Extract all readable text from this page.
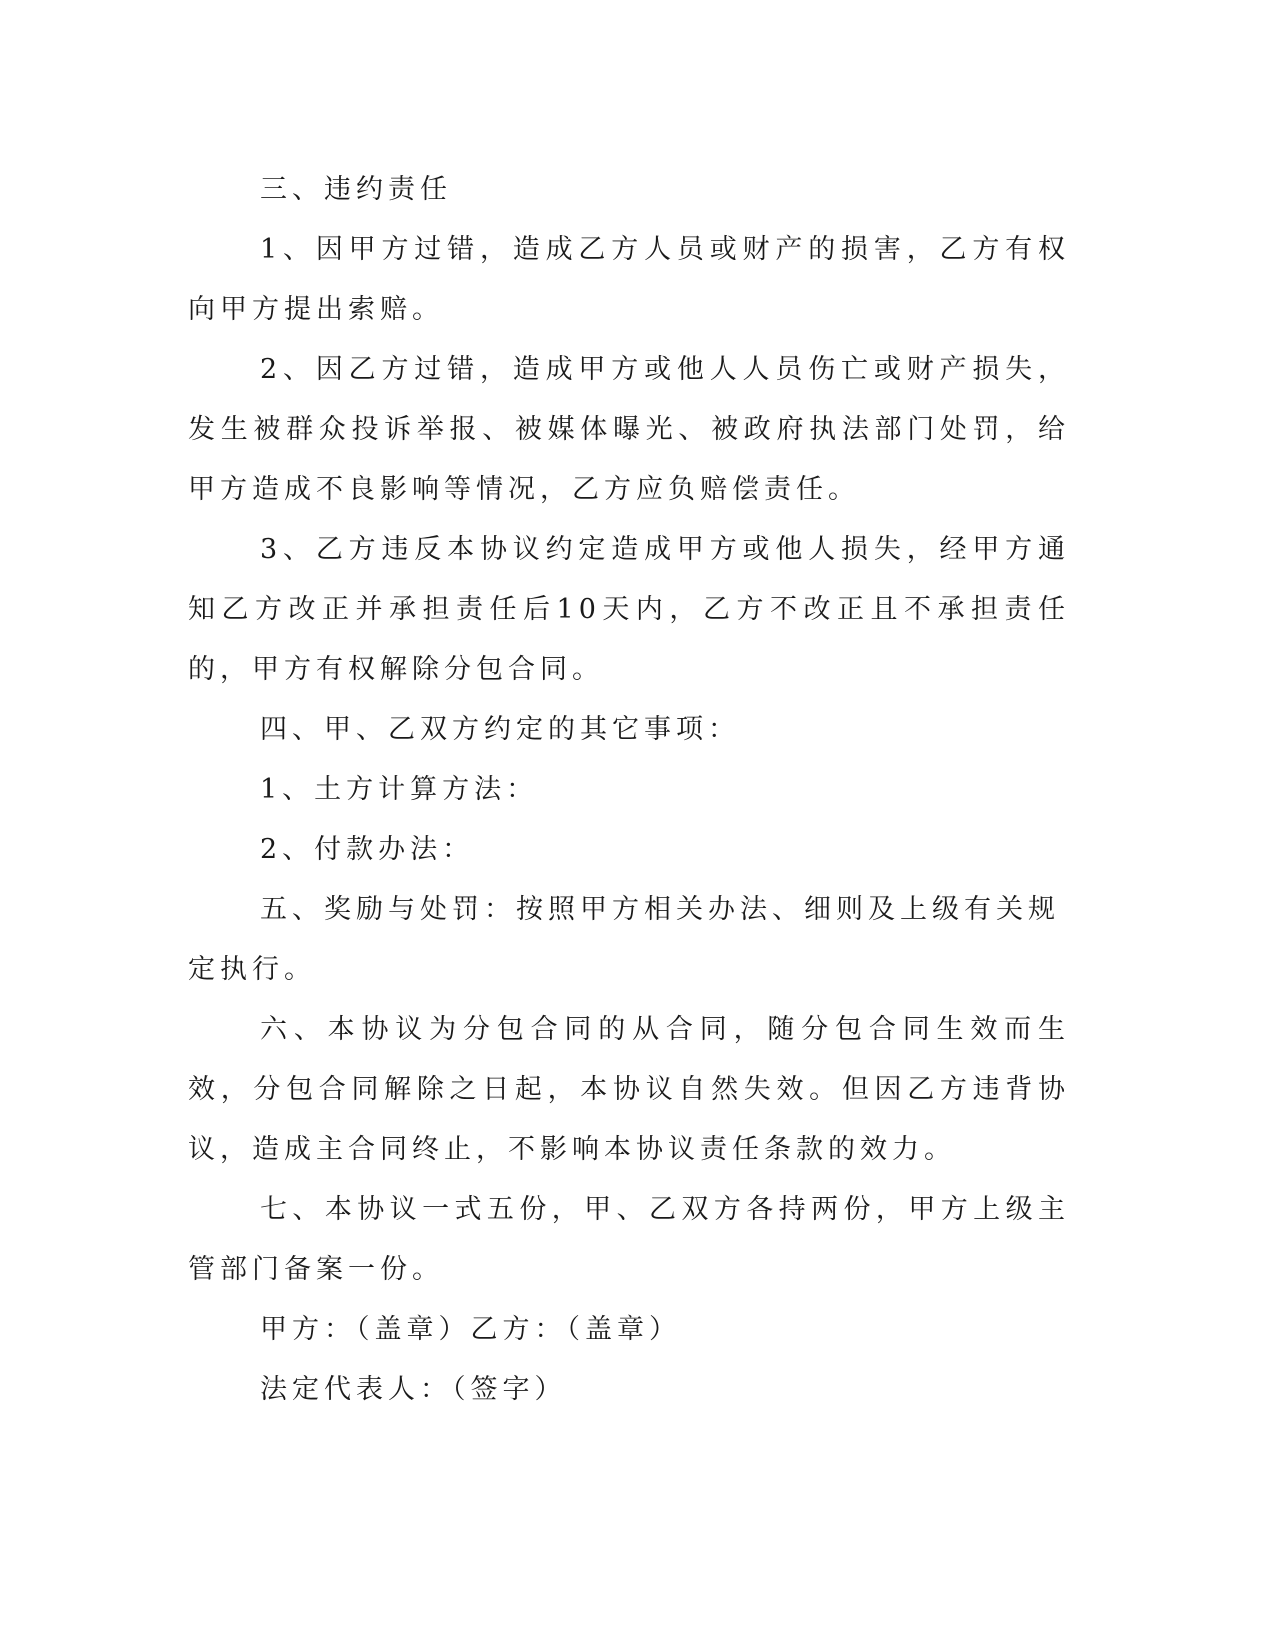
三、违约责任

1、因甲方过错，造成乙方人员或财产的损害，乙方有权向甲方提出索赔。

2、因乙方过错，造成甲方或他人人员伤亡或财产损失，发生被群众投诉举报、被媒体曝光、被政府执法部门处罚，给甲方造成不良影响等情况，乙方应负赔偿责任。

3、乙方违反本协议约定造成甲方或他人损失，经甲方通知乙方改正并承担责任后10天内，乙方不改正且不承担责任的，甲方有权解除分包合同。

四、甲、乙双方约定的其它事项：

1、土方计算方法：

2、付款办法：

五、奖励与处罚：按照甲方相关办法、细则及上级有关规定执行。

六、本协议为分包合同的从合同，随分包合同生效而生效，分包合同解除之日起，本协议自然失效。但因乙方违背协议，造成主合同终止，不影响本协议责任条款的效力。

七、本协议一式五份，甲、乙双方各持两份，甲方上级主管部门备案一份。

甲方：（盖章）乙方：（盖章）

法定代表人：（签字）
